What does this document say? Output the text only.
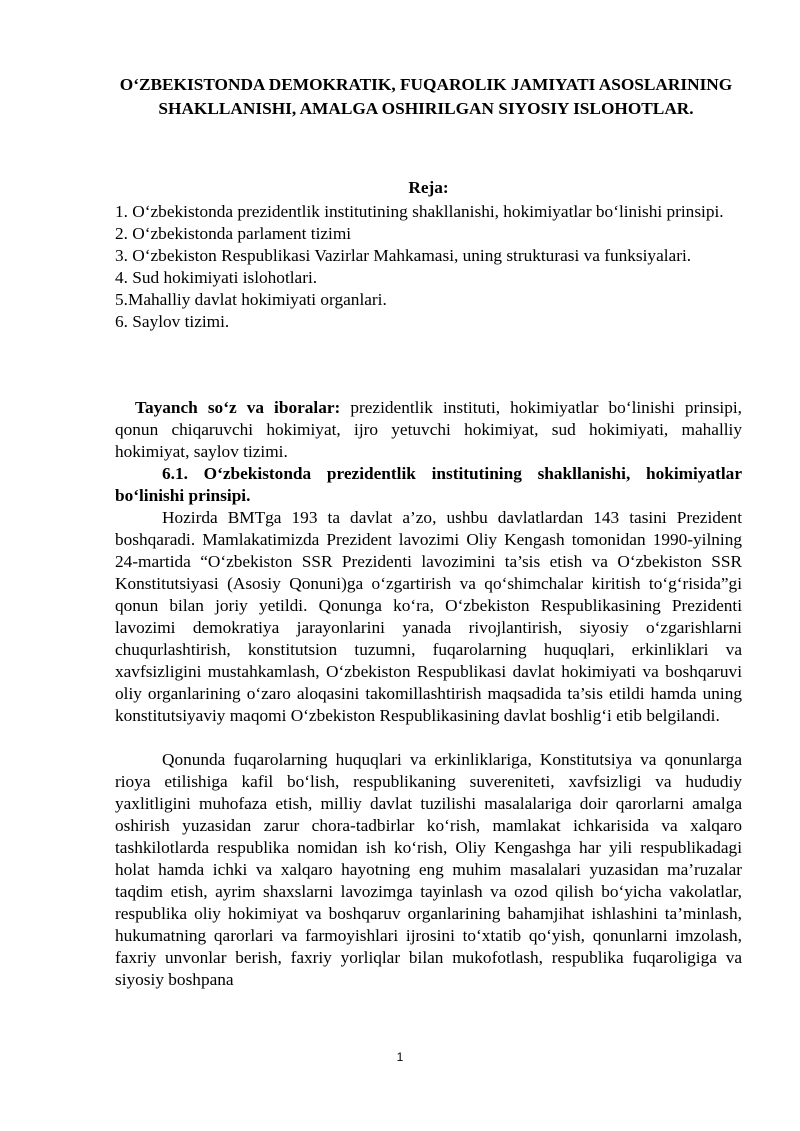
O‘ZBEKISTONDA DEMOKRATIK, FUQAROLIK JAMIYATI ASOSLARINING SHAKLLANISHI, AMALGA OSHIRILGAN SIYOSIY ISLOHOTLAR.
Reja:
1. O‘zbekistonda prezidentlik institutining shakllanishi, hokimiyatlar bo‘linishi prinsipi.
2. O‘zbekistonda parlament tizimi
3. O‘zbekiston Respublikasi Vazirlar Mahkamasi, uning strukturasi va funksiyalari.
4. Sud hokimiyati islohotlari.
5.Mahalliy davlat hokimiyati organlari.
6. Saylov tizimi.
Tayanch so‘z va iboralar: prezidentlik instituti, hokimiyatlar bo‘linishi prinsipi, qonun chiqaruvchi hokimiyat, ijro yetuvchi hokimiyat, sud hokimiyati, mahalliy hokimiyat, saylov tizimi.
6.1. O‘zbekistonda prezidentlik institutining shakllanishi, hokimiyatlar bo‘linishi prinsipi.
Hozirda BMTga 193 ta davlat a’zo, ushbu davlatlardan 143 tasini Prezident boshqaradi. Mamlakatimizda Prezident lavozimi Oliy Kengash tomonidan 1990-yilning 24-martida “O‘zbekiston SSR Prezidenti lavozimini ta’sis etish va O‘zbekiston SSR Konstitutsiyasi (Asosiy Qonuni)ga o‘zgartirish va qo‘shimchalar kiritish to‘g‘risida”gi qonun bilan joriy yetildi. Qonunga ko‘ra, O‘zbekiston Respublikasining Prezidenti lavozimi demokratiya jarayonlarini yanada rivojlantirish, siyosiy o‘zgarishlarni chuqurlashtirish, konstitutsion tuzumni, fuqarolarning huquqlari, erkinliklari va xavfsizligini mustahkamlash, O‘zbekiston Respublikasi davlat hokimiyati va boshqaruvi oliy organlarining o‘zaro aloqasini takomillashtirish maqsadida ta’sis etildi hamda uning konstitutsiyaviy maqomi O‘zbekiston Respublikasining davlat boshlig‘i etib belgilandi.
Qonunda fuqarolarning huquqlari va erkinliklariga, Konstitutsiya va qonunlarga rioya etilishiga kafil bo‘lish, respublikaning suvereniteti, xavfsizligi va hududiy yaxlitligini muhofaza etish, milliy davlat tuzilishi masalalariga doir qarorlarni amalga oshirish yuzasidan zarur chora-tadbirlar ko‘rish, mamlakat ichkarisida va xalqaro tashkilotlarda respublika nomidan ish ko‘rish, Oliy Kengashga har yili respublikadagi holat hamda ichki va xalqaro hayotning eng muhim masalalari yuzasidan ma’ruzalar taqdim etish, ayrim shaxslarni lavozimga tayinlash va ozod qilish bo‘yicha vakolatlar, respublika oliy hokimiyat va boshqaruv organlarining bahamjihat ishlashini ta’minlash, hukumatning qarorlari va farmoyishlari ijrosini to‘xtatib qo‘yish, qonunlarni imzolash, faxriy unvonlar berish, faxriy yorliqlar bilan mukofotlash, respublika fuqaroligiga va siyosiy boshpana
1
